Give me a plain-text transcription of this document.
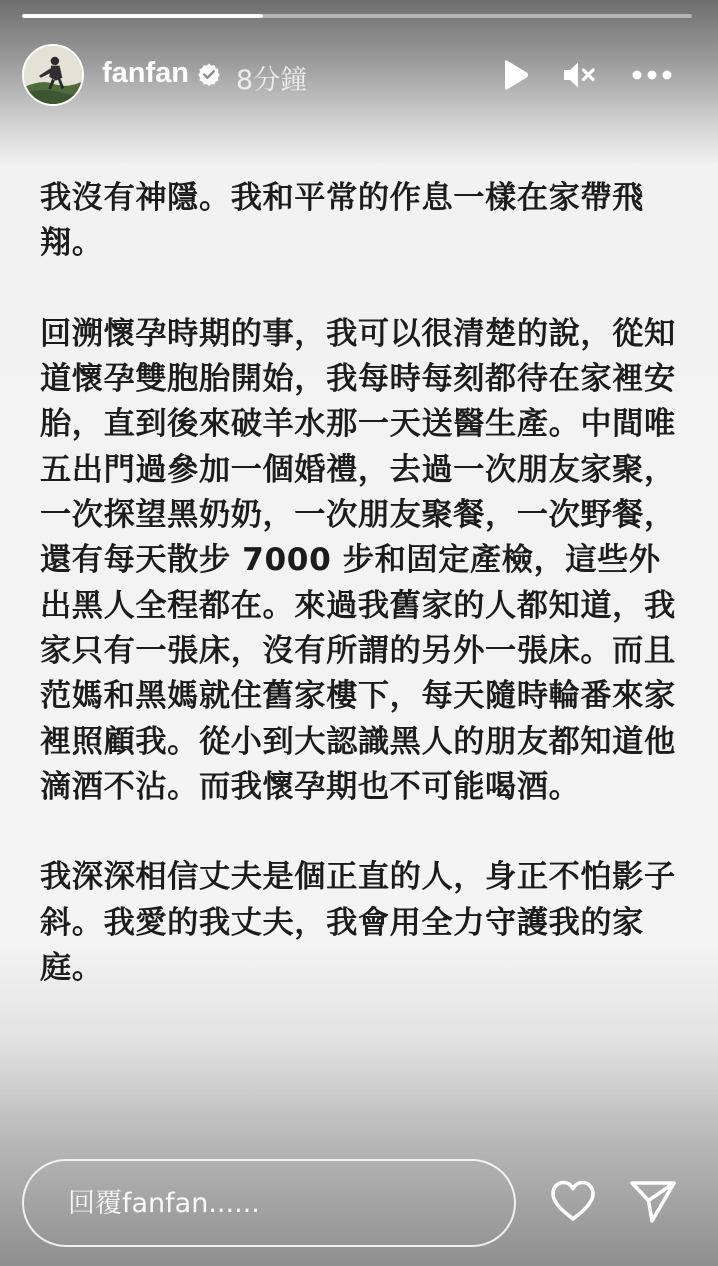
fanfan 8分鐘

我沒有神隱。我和平常的作息一樣在家帶飛翔。

回溯懷孕時期的事，我可以很清楚的說，從知道懷孕雙胞胎開始，我每時每刻都待在家裡安胎，直到後來破羊水那一天送醫生產。中間唯五出門過參加一個婚禮，去過一次朋友家聚，一次探望黑奶奶，一次朋友聚餐，一次野餐，還有每天散步 7000 步和固定產檢，這些外出黑人全程都在。來過我舊家的人都知道，我家只有一張床，沒有所謂的另外一張床。而且范媽和黑媽就住舊家樓下，每天隨時輪番來家裡照顧我。從小到大認識黑人的朋友都知道他滴酒不沾。而我懷孕期也不可能喝酒。

我深深相信丈夫是個正直的人，身正不怕影子斜。我愛的我丈夫，我會用全力守護我的家庭。

回覆fanfan......
